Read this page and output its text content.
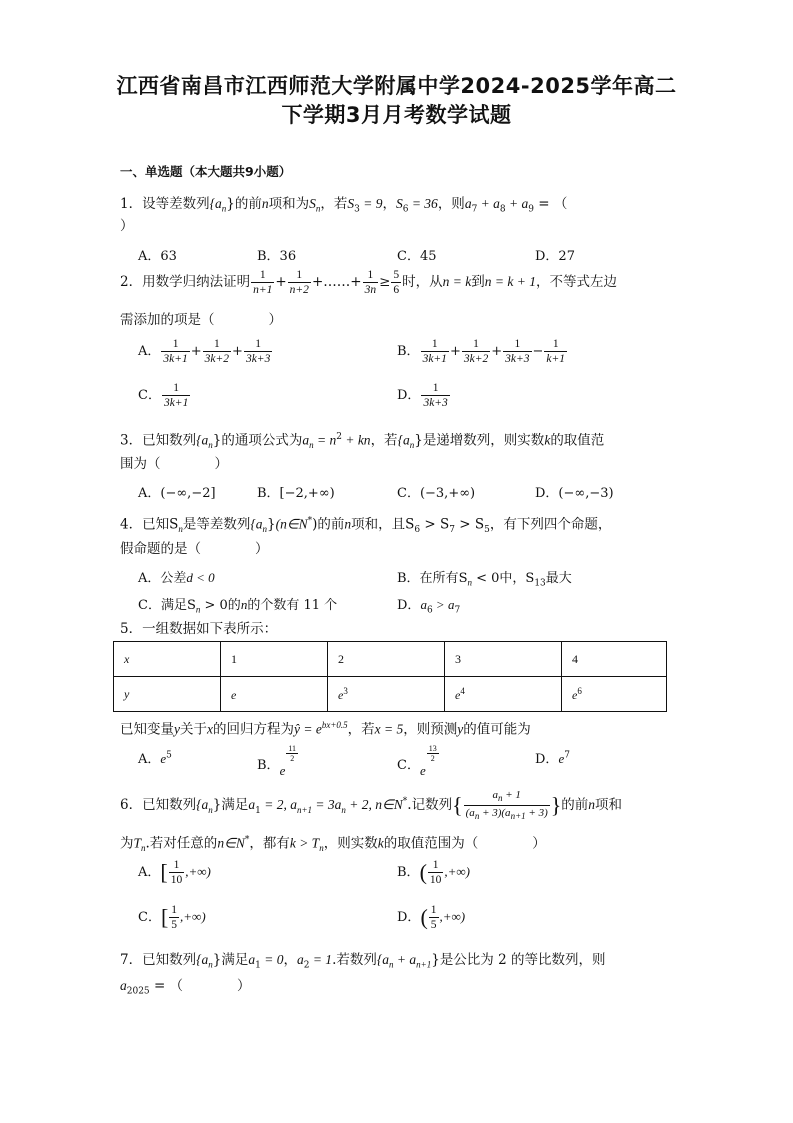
江西省南昌市江西师范大学附属中学2024-2025学年高二
下学期3月月考数学试题
一、单选题（本大题共9小题）
1．设等差数列$\{a_n\}$的前n项和为$S_n$，若$S_3 = 9$，$S_6 = 36$，则$a_7 + a_8 + a_9$ = （
）
A．63	B．36	C．45	D．27
2．用数学归纳法证明 $\frac{1}{n+1} + \frac{1}{n+2}$ +……+ $\frac{1}{3n} \ge \frac{5}{6}$ 时，从n = k到n = k + 1，不等式左边
需添加的项是（　　　　）
A． $\frac{1}{3k+1} + \frac{1}{3k+2} + \frac{1}{3k+3}$	B． $\frac{1}{3k+1} + \frac{1}{3k+2} + \frac{1}{3k+3} - \frac{1}{k+1}$
C． $\frac{1}{3k+1}$	D． $\frac{1}{3k+3}$
3．已知数列$\{a_n\}$的通项公式为$a_n = n^2$ + kn，若$\{a_n\}$是递增数列，则实数k的取值范
围为（　　　　）
A．(−∞,−2]	B．[−2,+∞)	C．(−3,+∞)	D．(−∞,−3)
4．已知$S_n$是等差数列$\{a_n\}(n\in N^*)$的前n项和，且$S_6 > S_7 > S_5$，有下列四个命题，
假命题的是（　　　　）
A．公差d < 0	B．在所有$S_n < 0$中，$S_{13}$最大
C．满足$S_n > 0$的n的个数有 11 个	D．$a_6 > a_7$
5．一组数据如下表所示：
x	1	2	3	4
y	e	$e^3$	$e^4$	$e^6$
已知变量y关于x的回归方程为ŷ = $e^{bx+0.5}$，若x = 5，则预测y的值可能为
A．$e^5$
B．e
$\frac{11}{2}$
C．e
$\frac{13}{2}$	D．$e^7$
6．已知数列$\{a_n\}$满足$a_1 = 2$, $a_{n+1} = 3a_n + 2$, n∈N*.记数列{ $\frac{a_n + 1}{(a_n + 3)(a_{n+1} + 3)}$ }的前n项和
为$T_n$.若对任意的n∈N*，都有$k > T_n$，则实数k的取值范围为（　　　　）
A．[ $\frac{1}{10}$ ,+∞)	B．( $\frac{1}{10}$ ,+∞)
C．[ $\frac{1}{5}$ ,+∞)	D．( $\frac{1}{5}$ ,+∞)
7．已知数列$\{a_n\}$满足$a_1 = 0$，$a_2 = 1$.若数列$\{a_n + a_{n+1}\}$是公比为 2 的等比数列，则
$a_{2025}$ = （　　　　）
